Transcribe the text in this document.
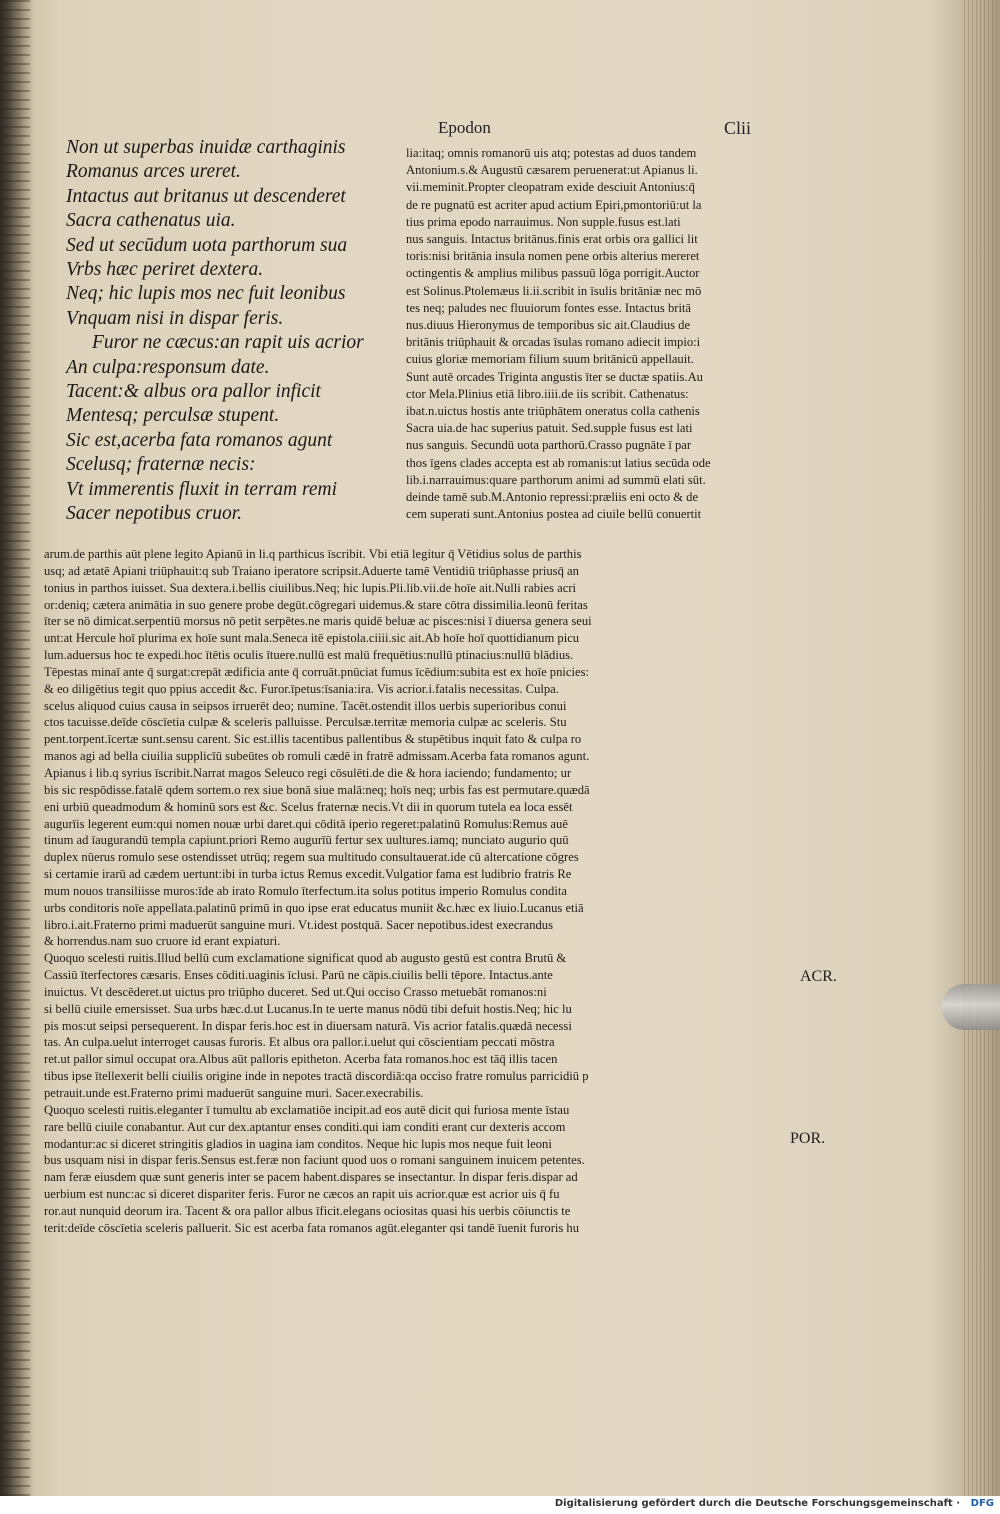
Epodon	Clii
Non ut superbas inuidæ carthaginis
Romanus arces ureret.
Intactus aut britanus ut descenderet
Sacra cathenatus uia.
Sed ut secūdum uota parthorum sua
Vrbs hæc periret dextera.
Neq; hic lupis mos nec fuit leonibus
Vnquam nisi in dispar feris.
Furor ne cæcus:an rapit uis acrior
An culpa:responsum date.
Tacent:& albus ora pallor inficit
Mentesq; perculsæ stupent.
Sic est,acerba fata romanos agunt
Scelusq; fraternæ necis:
Vt immerentis fluxit in terram remi
Sacer nepotibus cruor.
lia:itaq; omnis romanorū uis atq; potestas ad duos tandem
Antonium.s.& Augustū cæsarem peruenerat:ut Apianus li.
vii.meminit.Propter cleopatram exide desciuit Antonius:q̄
de re pugnatū est acriter apud actium Epiri,pmontoriū:ut la
tius prima epodo narrauimus. Non supple.fusus est.lati
nus sanguis. Intactus britānus.finis erat orbis ora gallici lit
toris:nisi britānia insula nomen pene orbis alterius mereret
octingentis & amplius milibus passuū lōga porrigit.Auctor
est Solinus.Ptolemæus li.ii.scribit in īsulis britāniæ nec mō
tes neq; paludes nec fluuiorum fontes esse. Intactus britā
nus.diuus Hieronymus de temporibus sic ait.Claudius de
britānis triūphauit & orcadas īsulas romano adiecit impio:i
cuius gloriæ memoriam filium suum britānicū appellauit.
Sunt autē orcades Triginta angustis īter se ductæ spatiis.Au
ctor Mela.Plinius etiā libro.iiii.de iis scribit. Cathenatus:
ibat.n.uictus hostis ante triūphātem oneratus colla cathenis
Sacra uia.de hac superius patuit. Sed.supple fusus est lati
nus sanguis. Secundū uota parthorū.Crasso pugnāte ī par
thos īgens clades accepta est ab romanis:ut latius secūda ode
lib.i.narrauimus:quare parthorum animi ad summū elati sūt.
deinde tamē sub.M.Antonio repressi:præliis eni octo & de
cem superati sunt.Antonius postea ad ciuile bellū conuertit
arum.de parthis aūt plene legito Apianū in li.q parthicus īscribit. Vbi etiā legitur q̄ Vētidius solus de parthis
usq; ad ætatē Apiani triūphauit:q sub Traiano iperatore scripsit.Aduerte tamē Ventidiū triūphasse priusq̄ an
tonius in parthos iuisset. Sua dextera.i.bellis ciuilibus.Neq; hic lupis.Pli.lib.vii.de hoīe ait.Nulli rabies acri
or:deniq; cætera animātia in suo genere probe degūt.cōgregari uidemus.& stare cōtra dissimilia.leonū feritas
īter se nō dimicat.serpentiū morsus nō petit serpētes.ne maris quidē beluæ ac pisces:nisi ī diuersa genera seui
unt:at Hercule hoī plurima ex hoīe sunt mala.Seneca itē epistola.ciiii.sic ait.Ab hoīe hoī quottidianum picu
lum.aduersus hoc te expedi.hoc ītētis oculis ītuere.nullū est malū frequētius:nullū ptinacius:nullū blādius.
Tēpestas minaī ante q̄ surgat:crepāt ædificia ante q̄ corruāt.pnūciat fumus īcēdium:subita est ex hoīe pnicies:
& eo diligētius tegit quo ppius accedit &c. Furor.īpetus:īsania:ira. Vis acrior.i.fatalis necessitas. Culpa.
scelus aliquod cuius causa in seipsos irruerēt deo; numine. Tacēt.ostendit illos uerbis superioribus conui
ctos tacuisse.deīde cōscīetia culpæ & sceleris palluisse. Perculsæ.territæ memoria culpæ ac sceleris. Stu
pent.torpent.īcertæ sunt.sensu carent. Sic est.illis tacentibus pallentibus & stupētibus inquit fato & culpa ro
manos agi ad bella ciuilia supplicīū subeūtes ob romuli cædē in fratrē admissam.Acerba fata romanos agunt.
Apianus i lib.q syrius īscribit.Narrat magos Seleuco regi cōsulēti.de die & hora iaciendo; fundamento; ur
bis sic respōdisse.fatalē qdem sortem.o rex siue bonā siue malā:neq; hoīs neq; urbis fas est permutare.quædā
eni urbiū queadmodum & hominū sors est &c. Scelus fraternæ necis.Vt dii in quorum tutela ea loca essēt
augurīis legerent eum:qui nomen nouæ urbi daret.qui cōditā iperio regeret:palatinū Romulus:Remus auē
tinum ad īaugurandū templa capiunt.priori Remo augurīū fertur sex uultures.iamq; nunciato augurio quū
duplex nūerus romulo sese ostendisset utrūq; regem sua multitudo consultauerat.ide cū altercatione cōgres
si certamie irarū ad cædem uertunt:ibi in turba ictus Remus excedit.Vulgatior fama est ludibrio fratris Re
mum nouos transiliisse muros:īde ab irato Romulo īterfectum.ita solus potitus imperio Romulus condita
urbs conditoris noīe appellata.palatinū primū in quo ipse erat educatus muniit &c.hæc ex liuio.Lucanus etiā
libro.i.ait.Fraterno primi maduerūt sanguine muri. Vt.idest postquā. Sacer nepotibus.idest execrandus
& horrendus.nam suo cruore id erant expiaturi.
Quoquo scelesti ruitis.Illud bellū cum exclamatione significat quod ab augusto gestū est contra Brutū &
Cassiū īterfectores cæsaris. Enses cōditi.uaginis īclusi. Parū ne cāpis.ciuilis belli tēpore. Intactus.ante
inuictus. Vt descēderet.ut uictus pro triūpho duceret. Sed ut.Qui occiso Crasso metuebāt romanos:ni
si bellū ciuile emersisset. Sua urbs hæc.d.ut Lucanus.In te uerte manus nōdū tibi defuit hostis.Neq; hic lu
pis mos:ut seipsi persequerent. In dispar feris.hoc est in diuersam naturā. Vis acrior fatalis.quædā necessi
tas. An culpa.uelut interroget causas furoris. Et albus ora pallor.i.uelut qui cōscientiam peccati mōstra
ret.ut pallor simul occupat ora.Albus aūt palloris epitheton. Acerba fata romanos.hoc est tāq̄ illis tacen
tibus ipse ītellexerit belli ciuilis origine inde in nepotes tractā discordiā:qa occiso fratre romulus parricidiū p
petrauit.unde est.Fraterno primi maduerūt sanguine muri. Sacer.execrabilis.
Quoquo scelesti ruitis.eleganter ī tumultu ab exclamatiōe incipit.ad eos autē dicit qui furiosa mente īstau
rare bellū ciuile conabantur. Aut cur dex.aptantur enses conditi.qui iam conditi erant cur dexteris accom
modantur:ac si diceret stringitis gladios in uagina iam conditos. Neque hic lupis mos neque fuit leoni
bus usquam nisi in dispar feris.Sensus est.feræ non faciunt quod uos o romani sanguinem inuicem petentes.
nam feræ eiusdem quæ sunt generis inter se pacem habent.dispares se insectantur. In dispar feris.dispar ad
uerbium est nunc:ac si diceret dispariter feris. Furor ne cæcos an rapit uis acrior.quæ est acrior uis q̄ fu
ror.aut nunquid deorum ira. Tacent & ora pallor albus īficit.elegans ociositas quasi his uerbis cōiunctis te
terit:deīde cōscīetia sceleris palluerit. Sic est acerba fata romanos agūt.eleganter qsi tandē īuenit furoris hu
ACR.
POR.
Digitalisierung gefördert durch die Deutsche Forschungsgemeinschaft · DFG
